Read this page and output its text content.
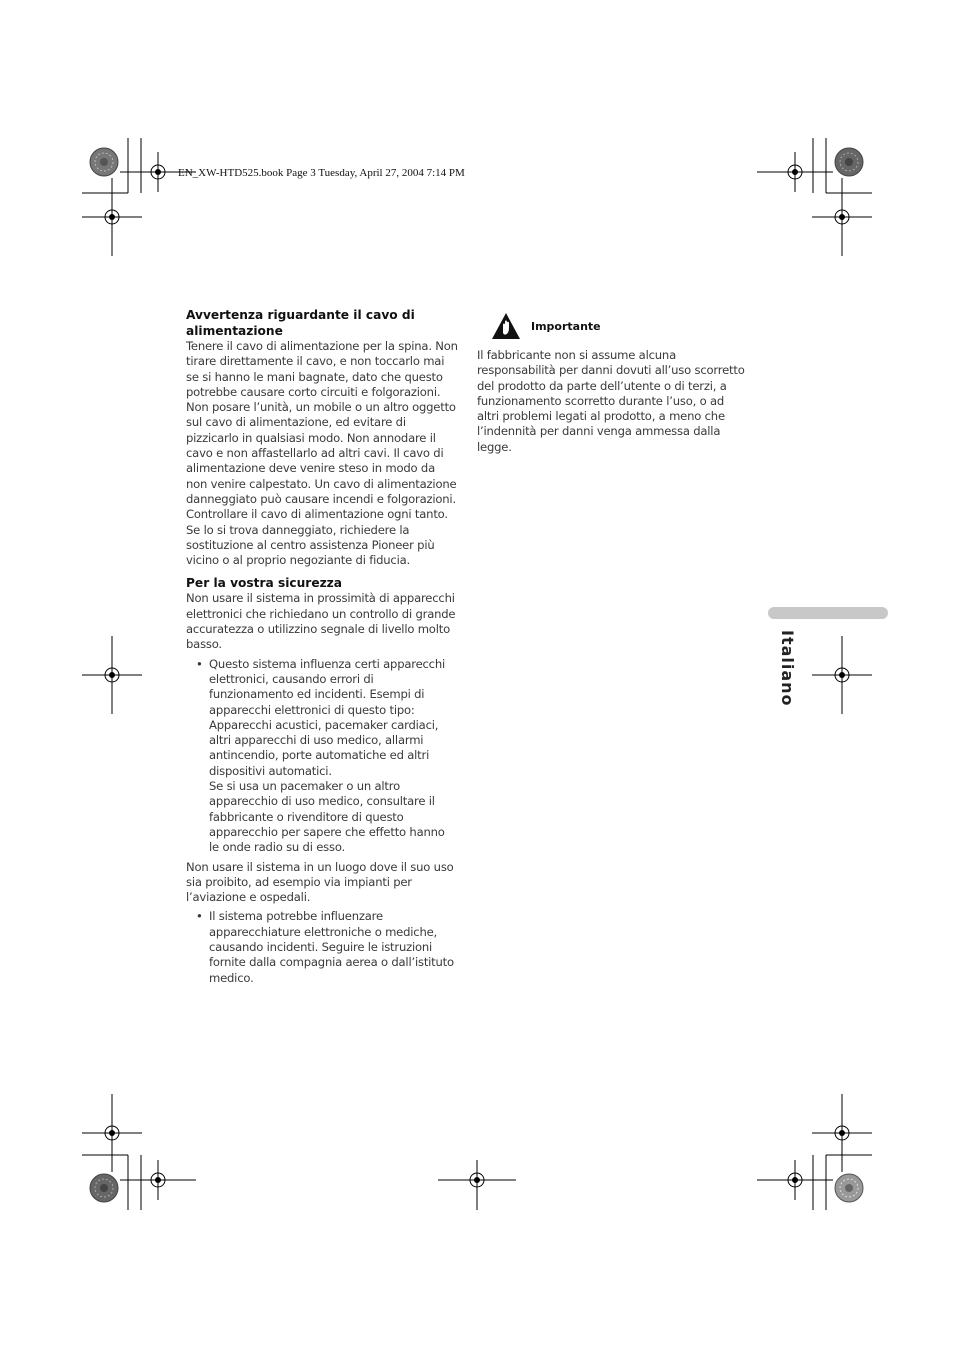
EN_XW-HTD525.book Page 3 Tuesday, April 27, 2004 7:14 PM
Avvertenza riguardante il cavo di alimentazione

Tenere il cavo di alimentazione per la spina. Non tirare direttamente il cavo, e non toccarlo mai se si hanno le mani bagnate, dato che questo potrebbe causare corto circuiti e folgorazioni. Non posare l’unità, un mobile o un altro oggetto sul cavo di alimentazione, ed evitare di pizzicarlo in qualsiasi modo. Non annodare il cavo e non affastellarlo ad altri cavi. Il cavo di alimentazione deve venire steso in modo da non venire calpestato. Un cavo di alimentazione danneggiato può causare incendi e folgorazioni. Controllare il cavo di alimentazione ogni tanto. Se lo si trova danneggiato, richiedere la sostituzione al centro assistenza Pioneer più vicino o al proprio negoziante di fiducia.

Per la vostra sicurezza

Non usare il sistema in prossimità di apparecchi elettronici che richiedano un controllo di grande accuratezza o utilizzino segnale di livello molto basso.

• Questo sistema influenza certi apparecchi elettronici, causando errori di funzionamento ed incidenti. Esempi di apparecchi elettronici di questo tipo: Apparecchi acustici, pacemaker cardiaci, altri apparecchi di uso medico, allarmi antincendio, porte automatiche ed altri dispositivi automatici.

Se si usa un pacemaker o un altro apparecchio di uso medico, consultare il fabbricante o rivenditore di questo apparecchio per sapere che effetto hanno le onde radio su di esso.

Non usare il sistema in un luogo dove il suo uso sia proibito, ad esempio via impianti per l’aviazione e ospedali.

• Il sistema potrebbe influenzare apparecchiature elettroniche o mediche, causando incidenti. Seguire le istruzioni fornite dalla compagnia aerea o dall’istituto medico.

Importante

Il fabbricante non si assume alcuna responsabilità per danni dovuti all’uso scorretto del prodotto da parte dell’utente o di terzi, a funzionamento scorretto durante l’uso, o ad altri problemi legati al prodotto, a meno che l’indennità per danni venga ammessa dalla legge.

Italiano
